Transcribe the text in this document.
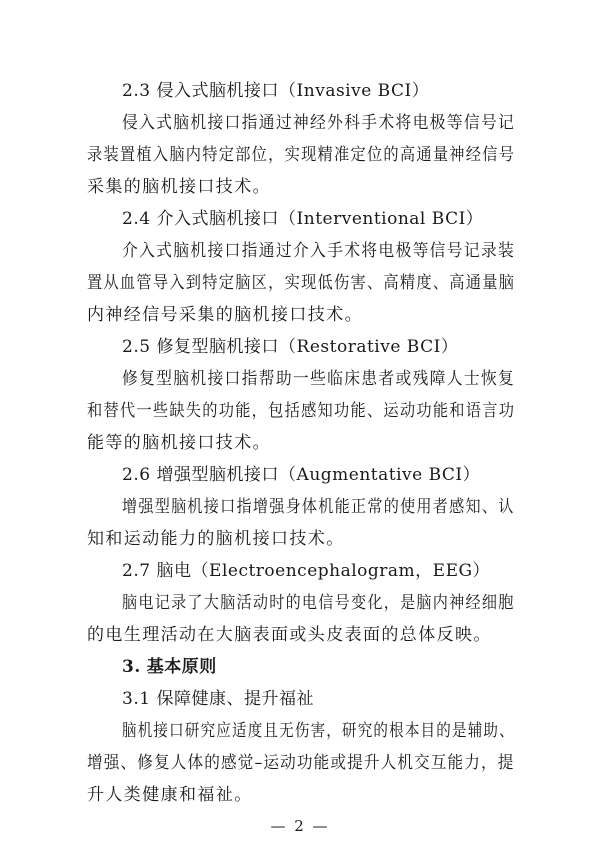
2.3 侵入式脑机接口（Invasive BCI）
侵入式脑机接口指通过神经外科手术将电极等信号记
录装置植入脑内特定部位，实现精准定位的高通量神经信号
采集的脑机接口技术。
2.4 介入式脑机接口（Interventional BCI）
介入式脑机接口指通过介入手术将电极等信号记录装
置从血管导入到特定脑区，实现低伤害、高精度、高通量脑
内神经信号采集的脑机接口技术。
2.5 修复型脑机接口（Restorative BCI）
修复型脑机接口指帮助一些临床患者或残障人士恢复
和替代一些缺失的功能，包括感知功能、运动功能和语言功
能等的脑机接口技术。
2.6 增强型脑机接口（Augmentative BCI）
增强型脑机接口指增强身体机能正常的使用者感知、认
知和运动能力的脑机接口技术。
2.7 脑电（Electroencephalogram，EEG）
脑电记录了大脑活动时的电信号变化，是脑内神经细胞
的电生理活动在大脑表面或头皮表面的总体反映。
3. 基本原则
3.1 保障健康、提升福祉
脑机接口研究应适度且无伤害，研究的根本目的是辅助、
增强、修复人体的感觉–运动功能或提升人机交互能力，提
升人类健康和福祉。
— 2 —
